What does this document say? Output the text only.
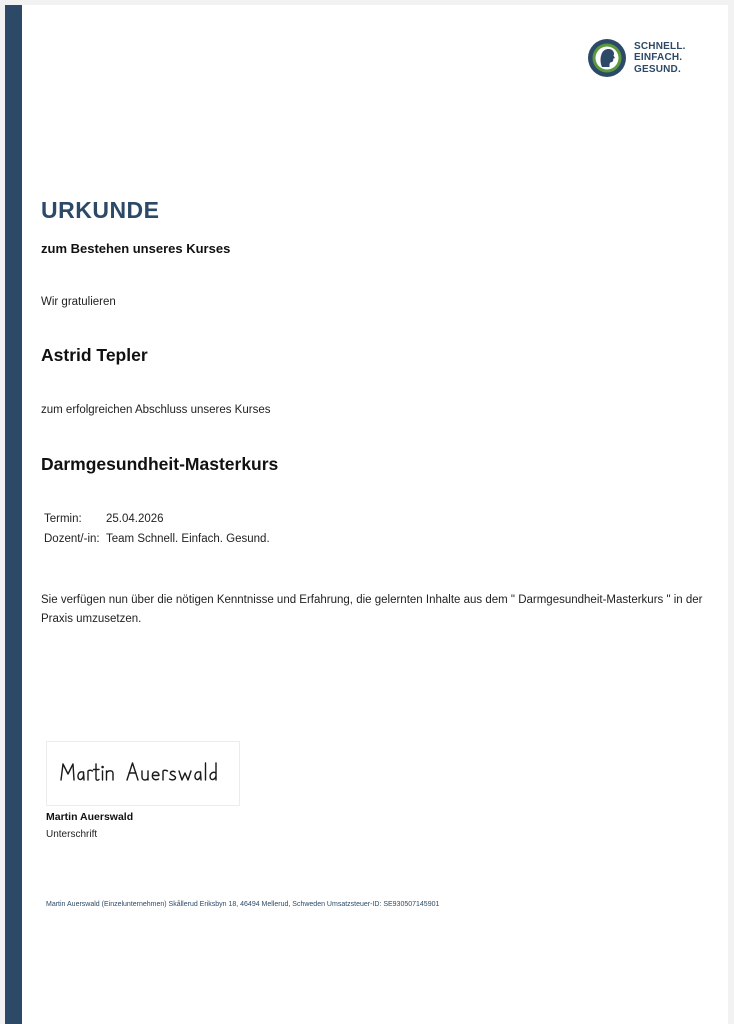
SCHNELL.
EINFACH.
GESUND.
URKUNDE
zum Bestehen unseres Kurses
Wir gratulieren
Astrid Tepler
zum erfolgreichen Abschluss unseres Kurses
Darmgesundheit-Masterkurs
Termin:	25.04.2026
Dozent/-in:	Team Schnell. Einfach. Gesund.
Sie verfügen nun über die nötigen Kenntnisse und Erfahrung, die gelernten Inhalte aus dem " Darmgesundheit-Masterkurs " in der Praxis umzusetzen.
Martin Auerswald
Unterschrift
Martin Auerswald (Einzelunternehmen) Skållerud Eriksbyn 18, 46494 Mellerud, Schweden Umsatzsteuer-ID: SE930507145901
